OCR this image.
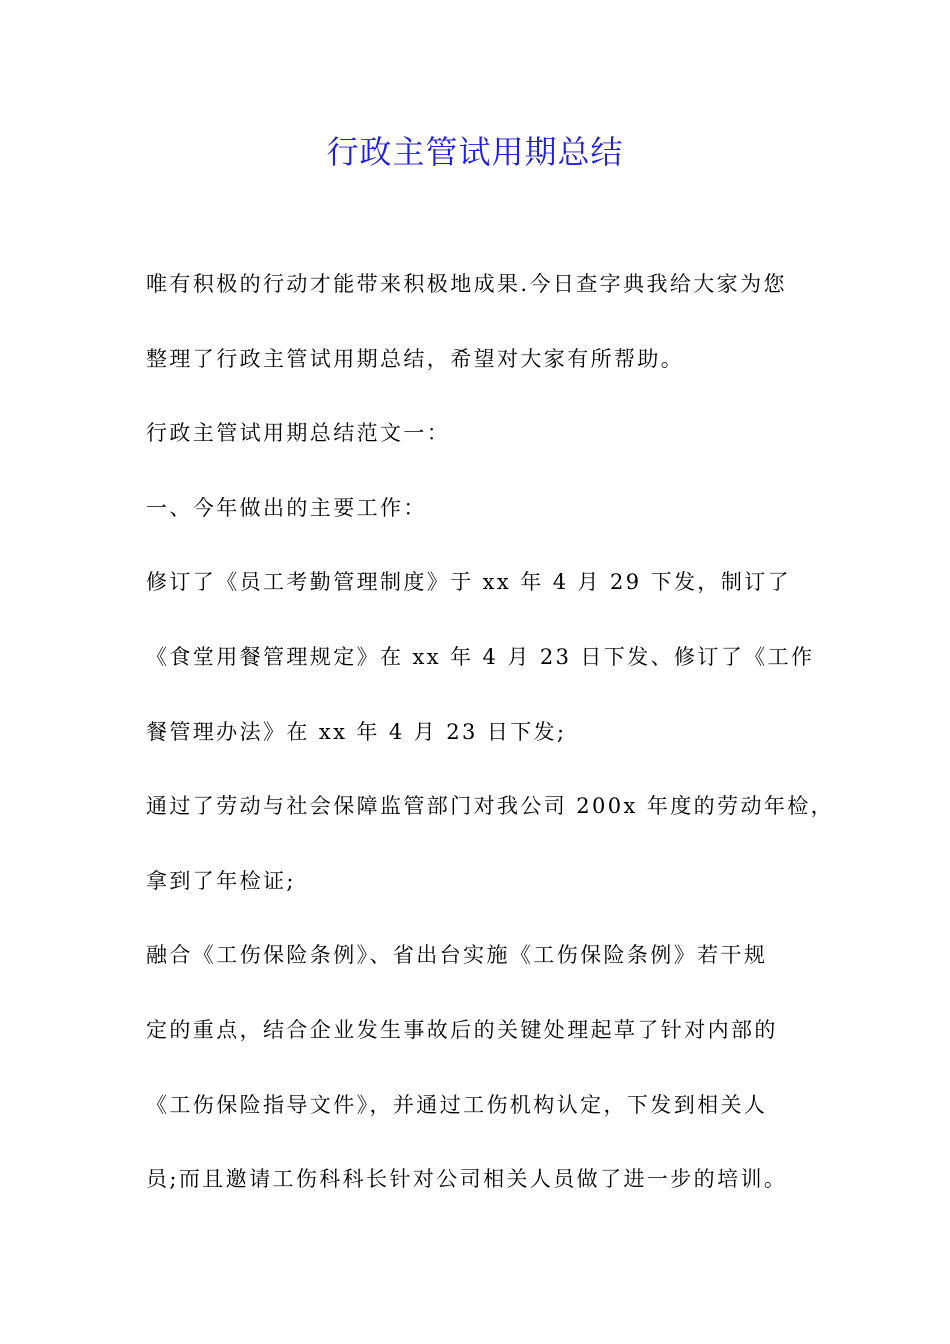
行政主管试用期总结

唯有积极的行动才能带来积极地成果.今日查字典我给大家为您

整理了行政主管试用期总结，希望对大家有所帮助。

行政主管试用期总结范文一：

一、今年做出的主要工作：

修订了《员工考勤管理制度》于 xx 年 4 月 29 下发，制订了

《食堂用餐管理规定》在 xx 年 4 月 23 日下发、修订了《工作

餐管理办法》在 xx 年 4 月 23 日下发;

通过了劳动与社会保障监管部门对我公司 200x 年度的劳动年检，

拿到了年检证;

融合《工伤保险条例》、省出台实施《工伤保险条例》若干规

定的重点，结合企业发生事故后的关键处理起草了针对内部的

《工伤保险指导文件》，并通过工伤机构认定，下发到相关人

员;而且邀请工伤科科长针对公司相关人员做了进一步的培训。
